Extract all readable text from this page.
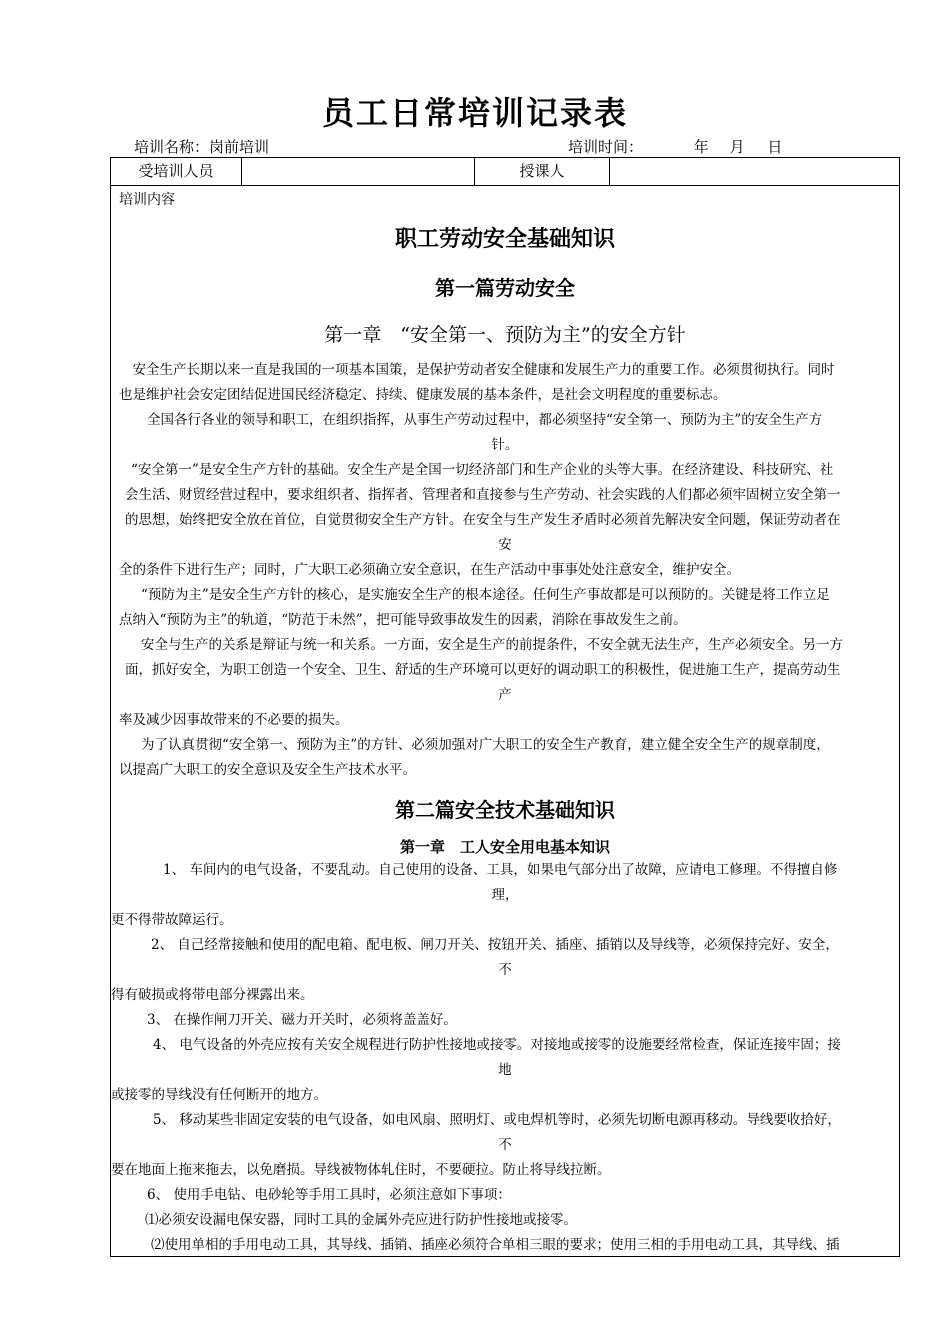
员工日常培训记录表
培训名称：岗前培训	培训时间：	年 月 日
受培训人员	授课人
培训内容
职工劳动安全基础知识
第一篇劳动安全
第一章　“安全第一、预防为主”的安全方针
　安全生产长期以来一直是我国的一项基本国策，是保护劳动者安全健康和发展生产力的重要工作。必须贯彻执行。同时
也是维护社会安定团结促进国民经济稳定、持续、健康发展的基本条件，是社会文明程度的重要标志。
全国各行各业的领导和职工，在组织指挥，从事生产劳动过程中，都必须坚持“安全第一、预防为主”的安全生产方
针。
“安全第一”是安全生产方针的基础。安全生产是全国一切经济部门和生产企业的头等大事。在经济建设、科技研究、社
会生活、财贸经营过程中，要求组织者、指挥者、管理者和直接参与生产劳动、社会实践的人们都必须牢固树立安全第一
的思想，始终把安全放在首位，自觉贯彻安全生产方针。在安全与生产发生矛盾时必须首先解决安全问题，保证劳动者在
安
全的条件下进行生产；同时，广大职工必须确立安全意识，在生产活动中事事处处注意安全，维护安全。
“预防为主”是安全生产方针的核心，是实施安全生产的根本途径。任何生产事故都是可以预防的。关键是将工作立足
点纳入“预防为主”的轨道，“防范于未然”，把可能导致事故发生的因素，消除在事故发生之前。
安全与生产的关系是辩证与统一和关系。一方面，安全是生产的前提条件，不安全就无法生产，生产必须安全。另一方
面，抓好安全，为职工创造一个安全、卫生、舒适的生产环境可以更好的调动职工的积极性，促进施工生产，提高劳动生
产
率及减少因事故带来的不必要的损失。
为了认真贯彻“安全第一、预防为主”的方针、必须加强对广大职工的安全生产教育，建立健全安全生产的规章制度，
以提高广大职工的安全意识及安全生产技术水平。
第二篇安全技术基础知识
第一章　工人安全用电基本知识
1、 车间内的电气设备，不要乱动。自己使用的设备、工具，如果电气部分出了故障，应请电工修理。不得擅自修
理，
更不得带故障运行。
2、 自己经常接触和使用的配电箱、配电板、闸刀开关、按钮开关、插座、插销以及导线等，必须保持完好、安全，
不
得有破损或将带电部分裸露出来。
3、 在操作闸刀开关、磁力开关时，必须将盖盖好。
4、 电气设备的外壳应按有关安全规程进行防护性接地或接零。对接地或接零的设施要经常检查，保证连接牢固；接
地
或接零的导线没有任何断开的地方。
5、 移动某些非固定安装的电气设备，如电风扇、照明灯、或电焊机等时，必须先切断电源再移动。导线要收拾好，
不
要在地面上拖来拖去，以免磨损。导线被物体轧住时，不要硬拉。防止将导线拉断。
6、 使用手电钻、电砂轮等手用工具时，必须注意如下事项：
⑴必须安设漏电保安器，同时工具的金属外壳应进行防护性接地或接零。
⑵使用单相的手用电动工具，其导线、插销、插座必须符合单相三眼的要求；使用三相的手用电动工具，其导线、插
